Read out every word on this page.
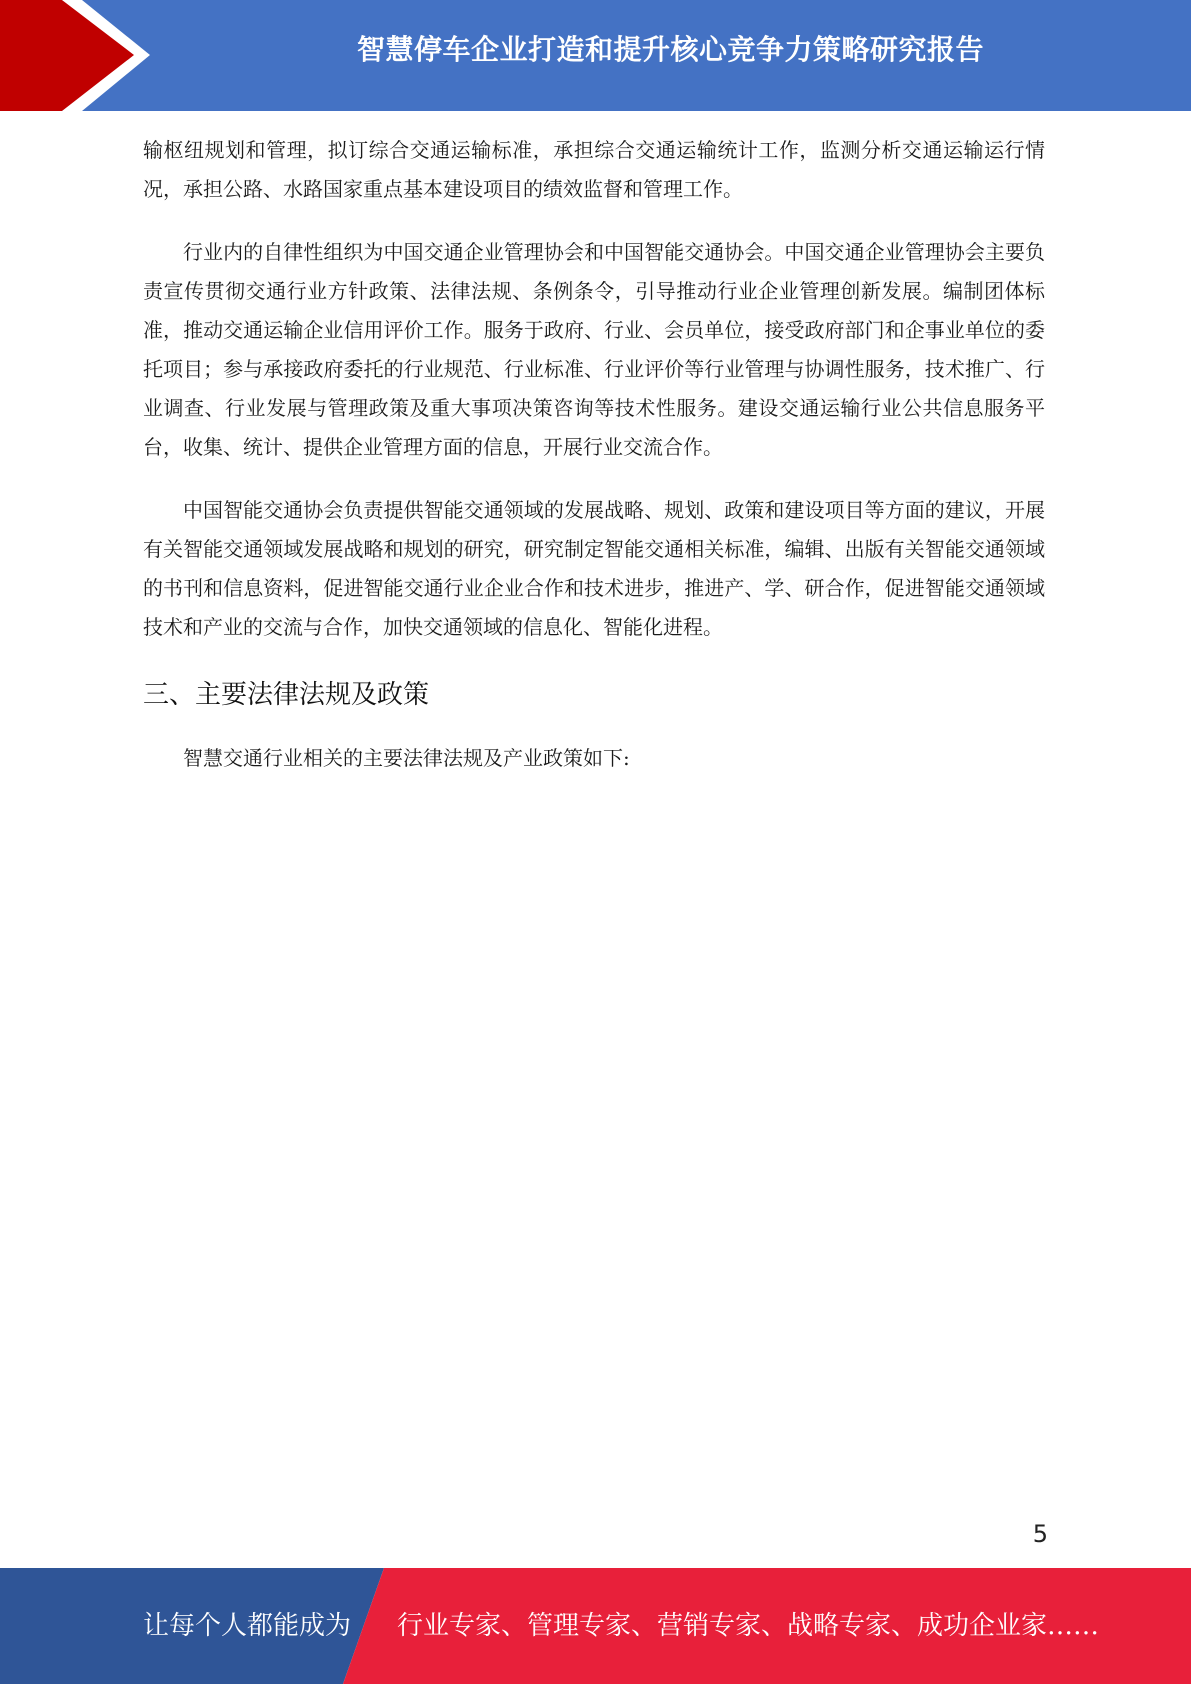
智慧停车企业打造和提升核心竞争力策略研究报告

输枢纽规划和管理，拟订综合交通运输标准，承担综合交通运输统计工作，监测分析交通运输运行情况，承担公路、水路国家重点基本建设项目的绩效监督和管理工作。

行业内的自律性组织为中国交通企业管理协会和中国智能交通协会。中国交通企业管理协会主要负责宣传贯彻交通行业方针政策、法律法规、条例条令，引导推动行业企业管理创新发展。编制团体标准，推动交通运输企业信用评价工作。服务于政府、行业、会员单位，接受政府部门和企事业单位的委托项目；参与承接政府委托的行业规范、行业标准、行业评价等行业管理与协调性服务，技术推广、行业调查、行业发展与管理政策及重大事项决策咨询等技术性服务。建设交通运输行业公共信息服务平台，收集、统计、提供企业管理方面的信息，开展行业交流合作。

中国智能交通协会负责提供智能交通领域的发展战略、规划、政策和建设项目等方面的建议，开展有关智能交通领域发展战略和规划的研究，研究制定智能交通相关标准，编辑、出版有关智能交通领域的书刊和信息资料，促进智能交通行业企业合作和技术进步，推进产、学、研合作，促进智能交通领域技术和产业的交流与合作，加快交通领域的信息化、智能化进程。

三、主要法律法规及政策

智慧交通行业相关的主要法律法规及产业政策如下:

5
让每个人都能成为 行业专家、管理专家、营销专家、战略专家、成功企业家……
